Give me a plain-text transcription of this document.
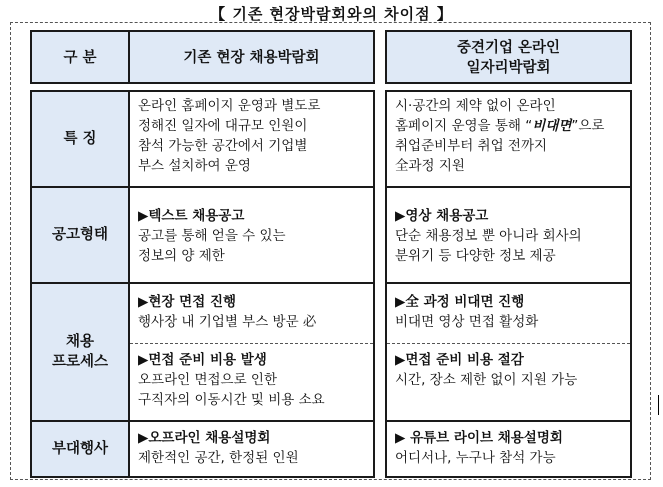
【 기존 현장박람회와의 차이점 】
구 분	기존 현장 채용박람회		중견기업 온라인
일자리박람회

특 징	온라인 홈페이지 운영과 별도로
정해진 일자에 대규모 인원이
참석 가능한 공간에서 기업별
부스 설치하여 운영		시·공간의 제약 없이 온라인
홈페이지 운영을 통해 “비대면”으로
취업준비부터 취업 전까지
全과정 지원

공고형태	▶텍스트 채용공고
공고를 통해 얻을 수 있는
정보의 양 제한		▶영상 채용공고
단순 채용정보 뿐 아니라 회사의
분위기 등 다양한 정보 제공

채용
프로세스	▶현장 면접 진행
행사장 내 기업별 부스 방문 必		▶全 과정 비대면 진행
비대면 영상 면접 활성화

	▶면접 준비 비용 발생
오프라인 면접으로 인한
구직자의 이동시간 및 비용 소요		▶면접 준비 비용 절감
시간, 장소 제한 없이 지원 가능

부대행사	▶오프라인 채용설명회
제한적인 공간, 한정된 인원		▶ 유튜브 라이브 채용설명회
어디서나, 누구나 참석 가능
